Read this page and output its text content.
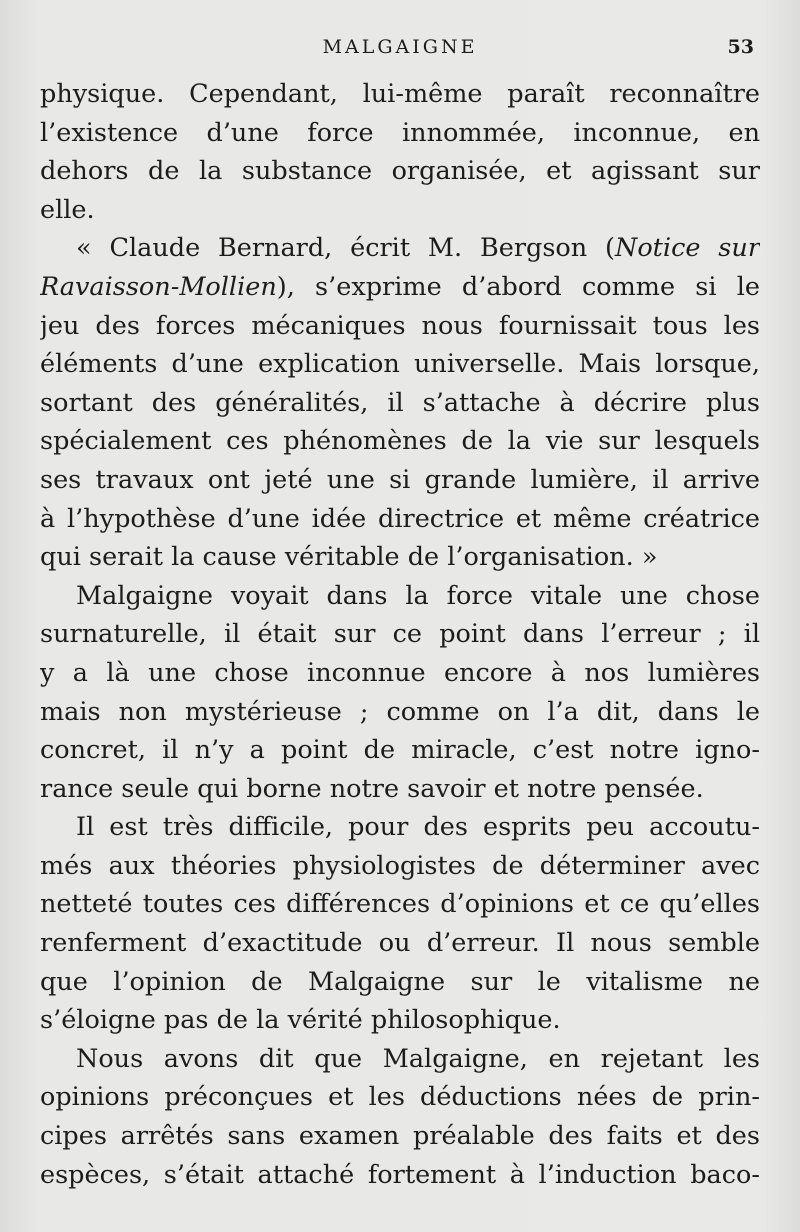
MALGAIGNE	53
physique. Cependant, lui-même paraît reconnaître
l’existence d’une force innommée, inconnue, en
dehors de la substance organisée, et agissant sur
elle.
« Claude Bernard, écrit M. Bergson (Notice sur
Ravaisson-Mollien), s’exprime d’abord comme si le
jeu des forces mécaniques nous fournissait tous les
éléments d’une explication universelle. Mais lorsque,
sortant des généralités, il s’attache à décrire plus
spécialement ces phénomènes de la vie sur lesquels
ses travaux ont jeté une si grande lumière, il arrive
à l’hypothèse d’une idée directrice et même créatrice
qui serait la cause véritable de l’organisation. »
Malgaigne voyait dans la force vitale une chose
surnaturelle, il était sur ce point dans l’erreur ; il
y a là une chose inconnue encore à nos lumières
mais non mystérieuse ; comme on l’a dit, dans le
concret, il n’y a point de miracle, c’est notre igno-
rance seule qui borne notre savoir et notre pensée.
Il est très difficile, pour des esprits peu accoutu-
més aux théories physiologistes de déterminer avec
netteté toutes ces différences d’opinions et ce qu’elles
renferment d’exactitude ou d’erreur. Il nous semble
que l’opinion de Malgaigne sur le vitalisme ne
s’éloigne pas de la vérité philosophique.
Nous avons dit que Malgaigne, en rejetant les
opinions préconçues et les déductions nées de prin-
cipes arrêtés sans examen préalable des faits et des
espèces, s’était attaché fortement à l’induction baco-
